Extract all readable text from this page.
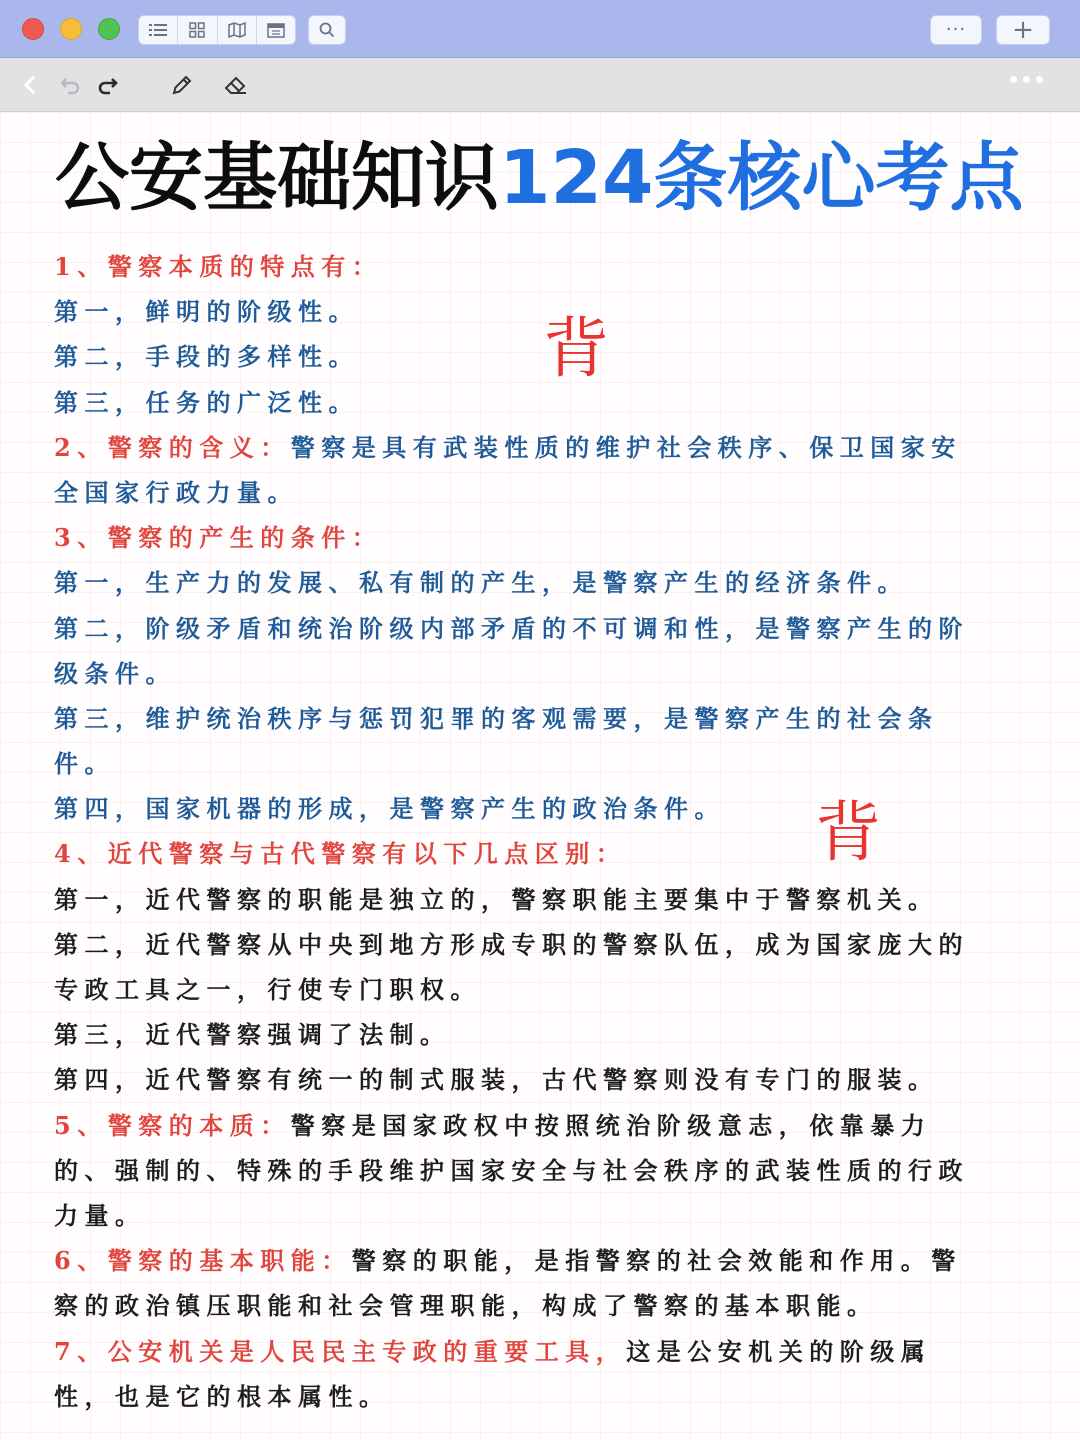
··· +
公安基础知识124条核心考点
1、警察本质的特点有：
第一，鲜明的阶级性。
第二，手段的多样性。
第三，任务的广泛性。
2、警察的含义：警察是具有武装性质的维护社会秩序、保卫国家安
全国家行政力量。
3、警察的产生的条件：
第一，生产力的发展、私有制的产生，是警察产生的经济条件。
第二，阶级矛盾和统治阶级内部矛盾的不可调和性，是警察产生的阶
级条件。
第三，维护统治秩序与惩罚犯罪的客观需要，是警察产生的社会条
件。
第四，国家机器的形成，是警察产生的政治条件。
4、近代警察与古代警察有以下几点区别：
第一，近代警察的职能是独立的，警察职能主要集中于警察机关。
第二，近代警察从中央到地方形成专职的警察队伍，成为国家庞大的
专政工具之一，行使专门职权。
第三，近代警察强调了法制。
第四，近代警察有统一的制式服装，古代警察则没有专门的服装。
5、警察的本质：警察是国家政权中按照统治阶级意志，依靠暴力
的、强制的、特殊的手段维护国家安全与社会秩序的武装性质的行政
力量。
6、警察的基本职能：警察的职能，是指警察的社会效能和作用。警
察的政治镇压职能和社会管理职能，构成了警察的基本职能。
7、公安机关是人民民主专政的重要工具，这是公安机关的阶级属
性，也是它的根本属性。
背
背
